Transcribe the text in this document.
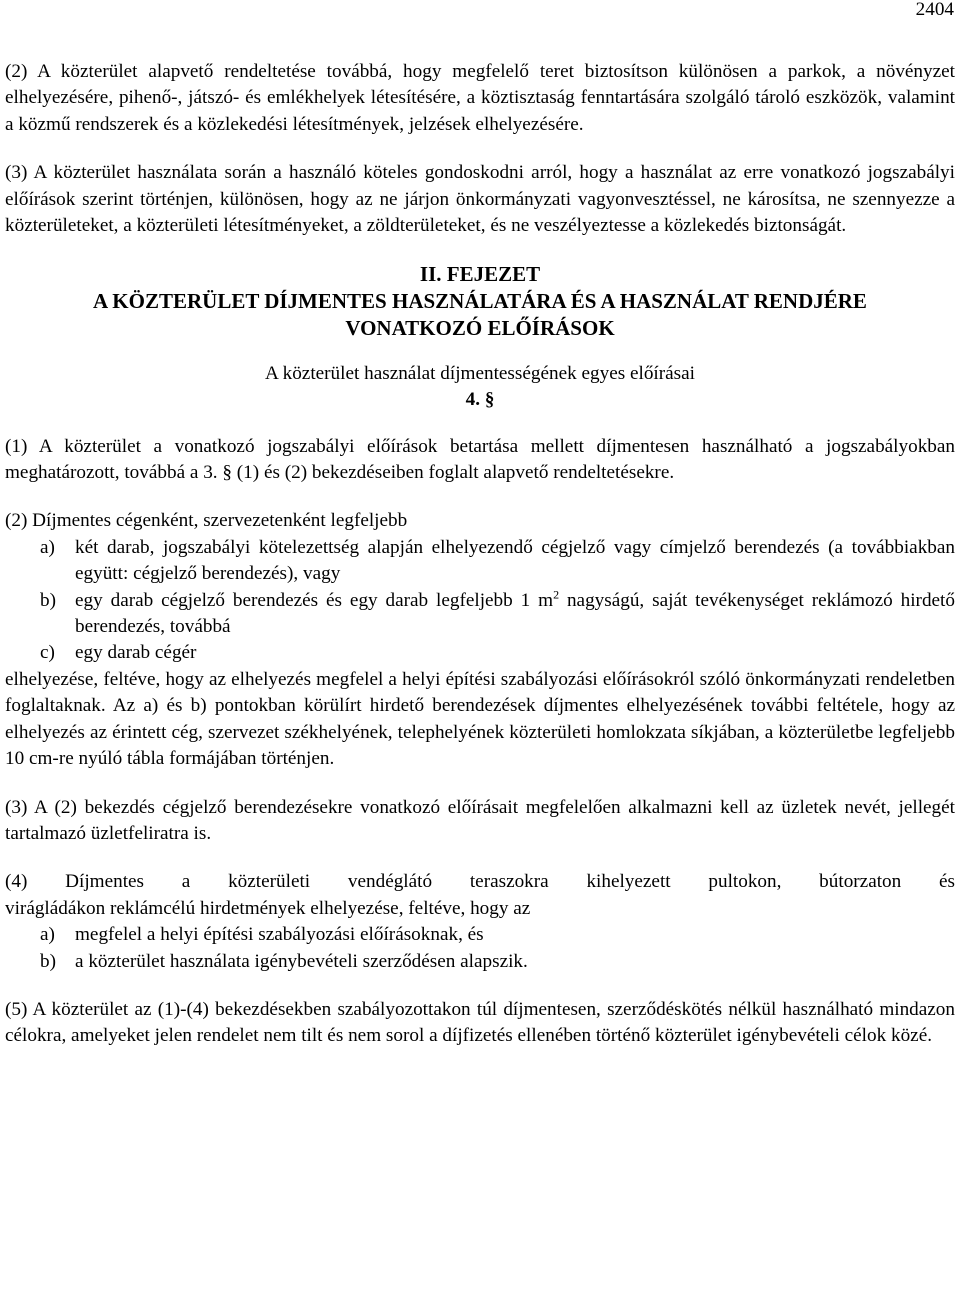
2404

(2) A közterület alapvető rendeltetése továbbá, hogy megfelelő teret biztosítson különösen a parkok, a növényzet elhelyezésére, pihenő-, játszó- és emlékhelyek létesítésére, a köztisztaság fenntartására szolgáló tároló eszközök, valamint a közmű rendszerek és a közlekedési létesítmények, jelzések elhelyezésére.

(3) A közterület használata során a használó köteles gondoskodni arról, hogy a használat az erre vonatkozó jogszabályi előírások szerint történjen, különösen, hogy az ne járjon önkormányzati vagyonvesztéssel, ne károsítsa, ne szennyezze a közterületeket, a közterületi létesítményeket, a zöldterületeket, és ne veszélyeztesse a közlekedés biztonságát.

II. FEJEZET
A KÖZTERÜLET DÍJMENTES HASZNÁLATÁRA ÉS A HASZNÁLAT RENDJÉRE
VONATKOZÓ ELŐÍRÁSOK
A közterület használat díjmentességének egyes előírásai
4. §

(1) A közterület a vonatkozó jogszabályi előírások betartása mellett díjmentesen használható a jogszabályokban meghatározott, továbbá a 3. § (1) és (2) bekezdéseiben foglalt alapvető rendeltetésekre.

(2) Díjmentes cégenként, szervezetenként legfeljebb

a) két darab, jogszabályi kötelezettség alapján elhelyezendő cégjelző vagy címjelző berendezés (a továbbiakban együtt: cégjelző berendezés), vagy
b) egy darab cégjelző berendezés és egy darab legfeljebb 1 $m^2$ nagyságú, saját tevékenységet reklámozó hirdető berendezés, továbbá
c) egy darab cégér

elhelyezése, feltéve, hogy az elhelyezés megfelel a helyi építési szabályozási előírásokról szóló önkormányzati rendeletben foglaltaknak. Az a) és b) pontokban körülírt hirdető berendezések díjmentes elhelyezésének további feltétele, hogy az elhelyezés az érintett cég, szervezet székhelyének, telephelyének közterületi homlokzata síkjában, a közterületbe legfeljebb 10 cm-re nyúló tábla formájában történjen.

(3) A (2) bekezdés cégjelző berendezésekre vonatkozó előírásait megfelelően alkalmazni kell az üzletek nevét, jellegét tartalmazó üzletfeliratra is.

(4) Díjmentes a közterületi vendéglátó teraszokra kihelyezett pultokon, bútorzaton és

virágládákon reklámcélú hirdetmények elhelyezése, feltéve, hogy az

a) megfelel a helyi építési szabályozási előírásoknak, és
b) a közterület használata igénybevételi szerződésen alapszik.

(5) A közterület az (1)-(4) bekezdésekben szabályozottakon túl díjmentesen, szerződéskötés nélkül használható mindazon célokra, amelyeket jelen rendelet nem tilt és nem sorol a díjfizetés ellenében történő közterület igénybevételi célok közé.
